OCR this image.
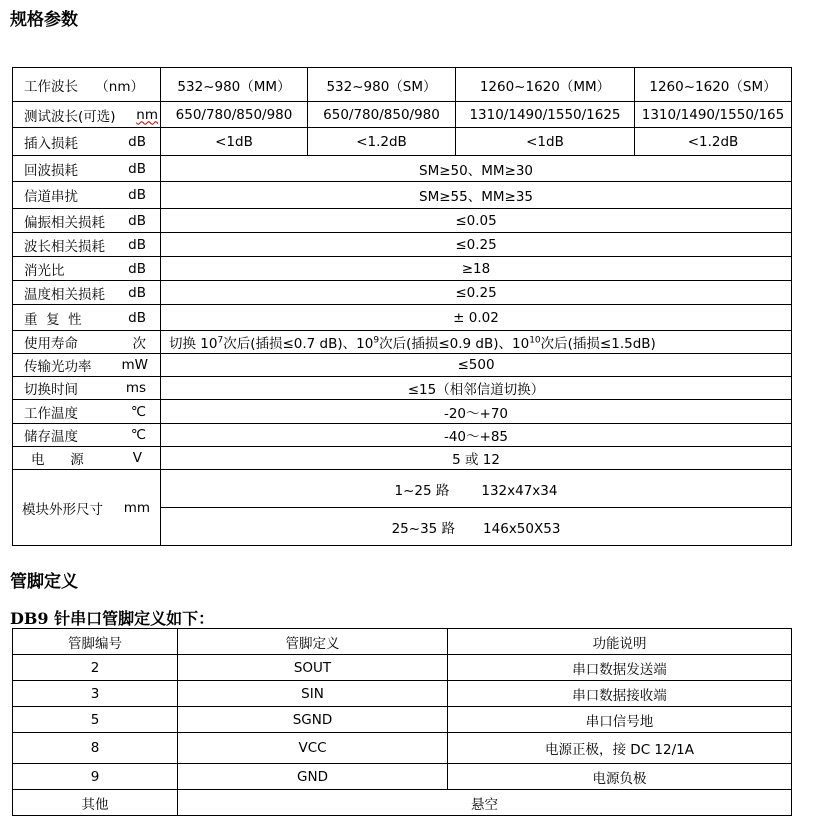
规格参数
工作波长 （nm）	532~980（MM）	532~980（SM）	1260~1620（MM）	1260~1620（SM）

测试波长(可选) nm	650/780/850/980	650/780/850/980	1310/1490/1550/1625	1310/1490/1550/165

插入损耗 dB	<1dB	<1.2dB	<1dB	<1.2dB

回波损耗 dB	SM≥50、MM≥30			

信道串扰 dB	SM≥55、MM≥35			

偏振相关损耗 dB	≤0.05			

波长相关损耗 dB	≤0.25			

消光比 dB	≥18			

温度相关损耗 dB	≤0.25			

重  复  性 dB	± 0.02			

使用寿命 次	切换 $10^7$次后(插损≤0.7 dB)、$10^9$次后(插损≤0.9 dB)、$10^{10}$次后(插损≤1.5dB)			

传输光功率 mW	≤500			

切换时间 ms	≤15（相邻信道切换）			

工作温度 ℃	-20～+70			

储存温度 ℃	-40～+85			

电      源 V	5 或 12			

模块外形尺寸 mm	1~25 路 132x47x34			
	25~35 路 146x50X53			
管脚定义
DB9 针串口管脚定义如下：
管脚编号	管脚定义	功能说明
2	SOUT	串口数据发送端
3	SIN	串口数据接收端
5	SGND	串口信号地
8	VCC	电源正极，接 DC 12/1A
9	GND	电源负极
其他	悬空	
